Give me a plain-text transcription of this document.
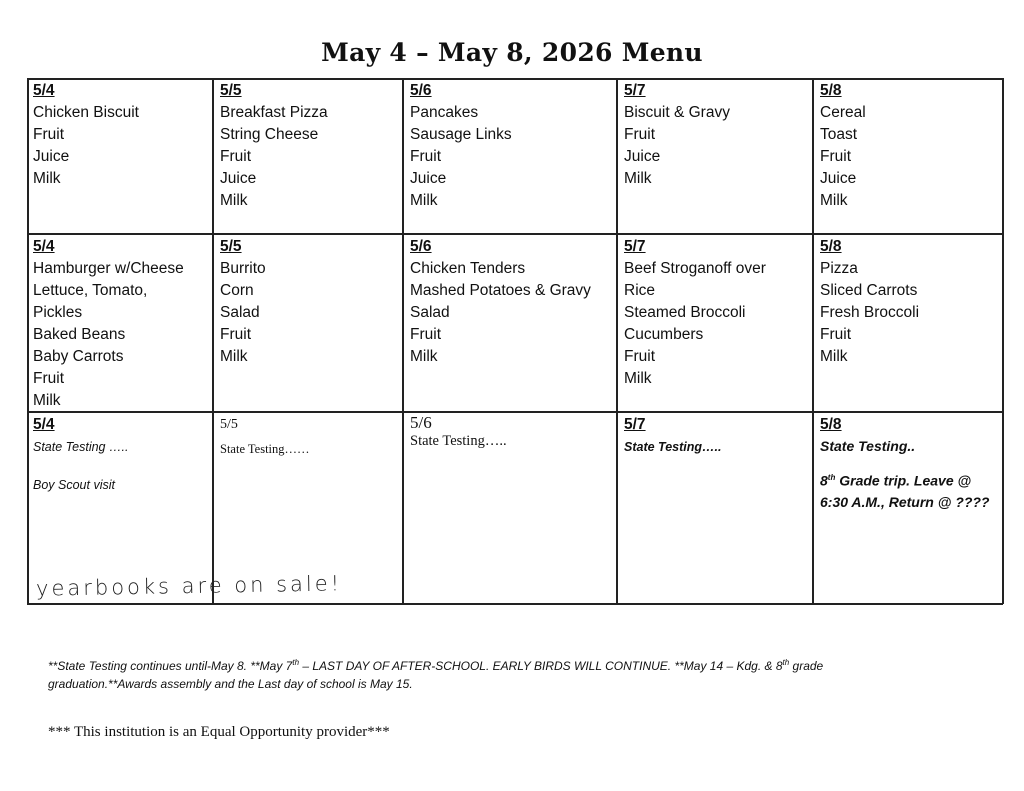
May 4 – May 8, 2026 Menu
5/4
Chicken Biscuit
Fruit
Juice
Milk
5/5
Breakfast Pizza
String Cheese
Fruit
Juice
Milk
5/6
Pancakes
Sausage Links
Fruit
Juice
Milk
5/7
Biscuit & Gravy
Fruit
Juice
Milk
5/8
Cereal
Toast
Fruit
Juice
Milk
5/4
Hamburger w/Cheese
Lettuce, Tomato,
Pickles
Baked Beans
Baby Carrots
Fruit
Milk
5/5
Burrito
Corn
Salad
Fruit
Milk
5/6
Chicken Tenders
Mashed Potatoes & Gravy
Salad
Fruit
Milk
5/7
Beef Stroganoff over
Rice
Steamed Broccoli
Cucumbers
Fruit
Milk
5/8
Pizza
Sliced Carrots
Fresh Broccoli
Fruit
Milk
5/4
State Testing …..
Boy Scout visit
5/5
State Testing……
5/6
State Testing…..
5/7
State Testing…..
5/8
State Testing..
8th Grade trip. Leave @
6:30 A.M., Return @ ????
yearbooks are on sale!
**State Testing continues until-May 8. **May 7th – LAST DAY OF AFTER-SCHOOL. EARLY BIRDS WILL CONTINUE. **May 14 – Kdg. & 8th grade graduation.**Awards assembly and the Last day of school is May 15.
*** This institution is an Equal Opportunity provider***
